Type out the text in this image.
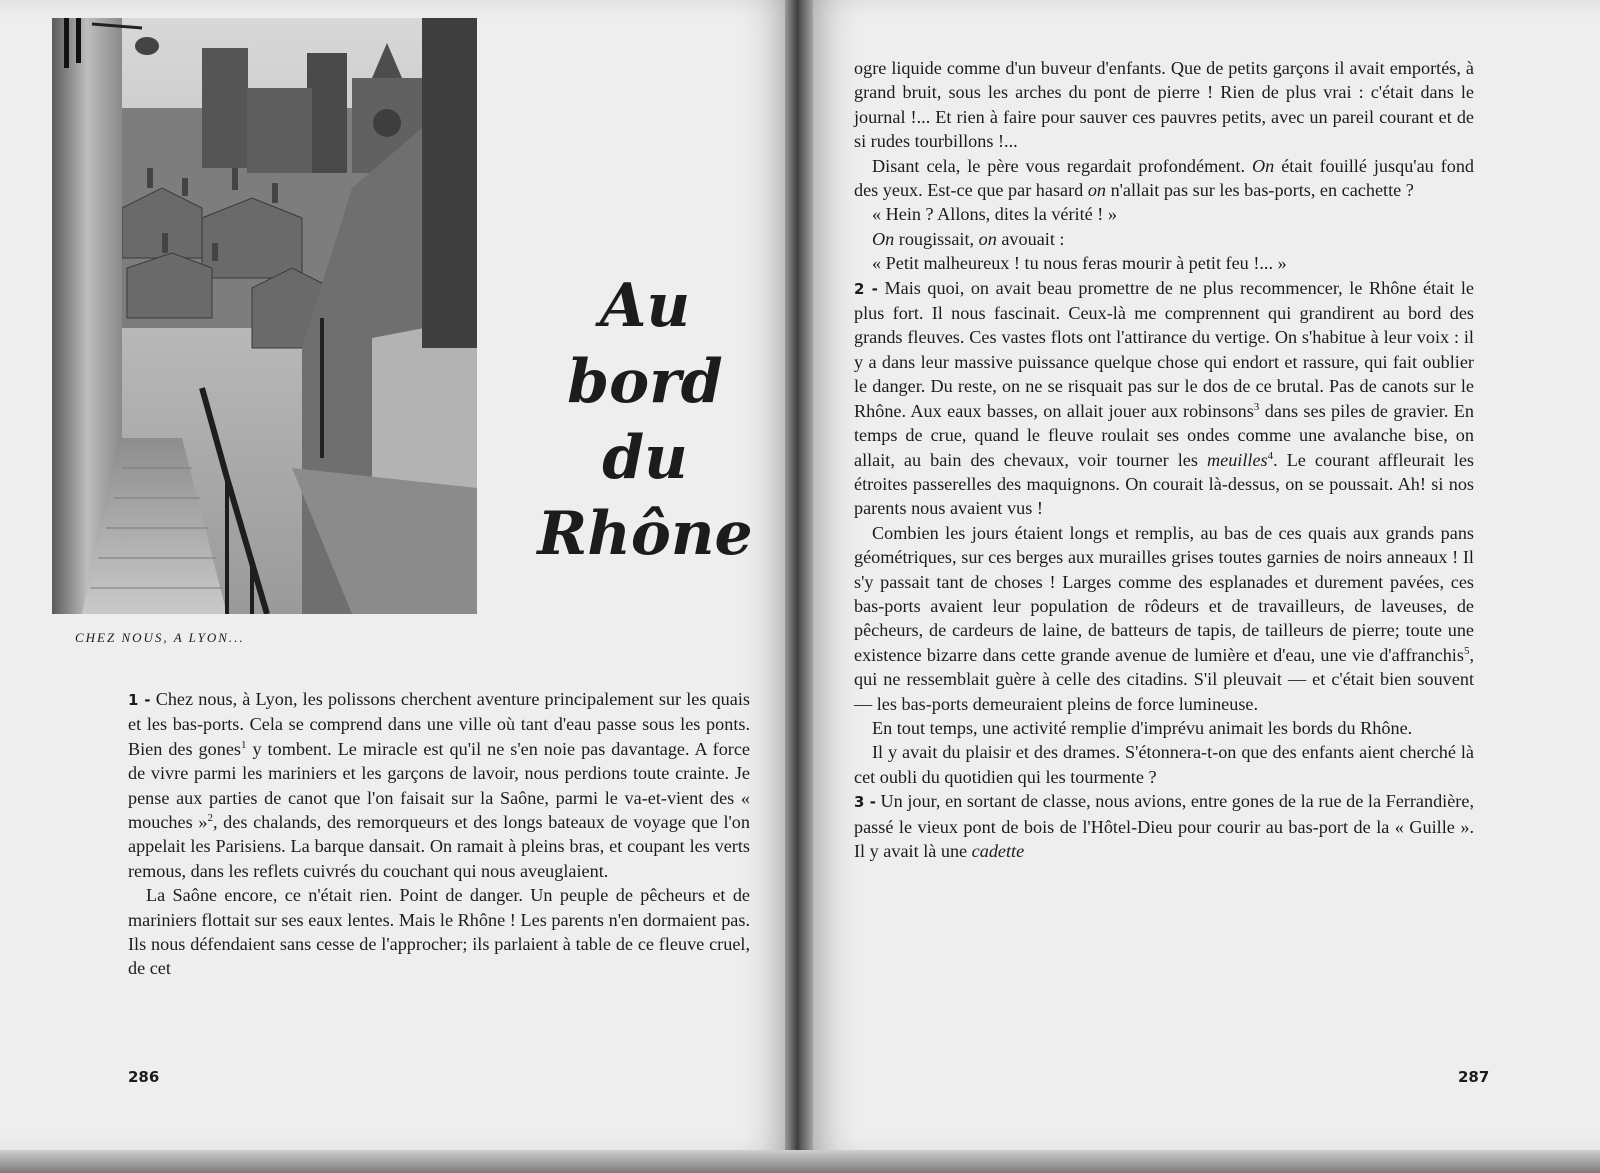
CHEZ NOUS, A LYON...
Au bord
du Rhône

1 - Chez nous, à Lyon, les polissons cherchent aventure principalement sur les quais et les bas-ports. Cela se comprend dans une ville où tant d'eau passe sous les ponts. Bien des gones$^1$ y tombent. Le miracle est qu'il ne s'en noie pas davantage. A force de vivre parmi les mariniers et les garçons de lavoir, nous perdions toute crainte. Je pense aux parties de canot que l'on faisait sur la Saône, parmi le va-et-vient des « mouches »$^2$, des chalands, des remorqueurs et des longs bateaux de voyage que l'on appelait les Parisiens. La barque dansait. On ramait à pleins bras, et coupant les verts remous, dans les reflets cuivrés du couchant qui nous aveuglaient.

La Saône encore, ce n'était rien. Point de danger. Un peuple de pêcheurs et de mariniers flottait sur ses eaux lentes. Mais le Rhône ! Les parents n'en dormaient pas. Ils nous défendaient sans cesse de l'approcher; ils parlaient à table de ce fleuve cruel, de cet

286

ogre liquide comme d'un buveur d'enfants. Que de petits garçons il avait emportés, à grand bruit, sous les arches du pont de pierre ! Rien de plus vrai : c'était dans le journal !... Et rien à faire pour sauver ces pauvres petits, avec un pareil courant et de si rudes tourbillons !...

Disant cela, le père vous regardait profondément. On était fouillé jusqu'au fond des yeux. Est-ce que par hasard on n'allait pas sur les bas-ports, en cachette ?

« Hein ? Allons, dites la vérité ! »

On rougissait, on avouait :

« Petit malheureux ! tu nous feras mourir à petit feu !... »

2 - Mais quoi, on avait beau promettre de ne plus recommencer, le Rhône était le plus fort. Il nous fascinait. Ceux-là me comprennent qui grandirent au bord des grands fleuves. Ces vastes flots ont l'attirance du vertige. On s'habitue à leur voix : il y a dans leur massive puissance quelque chose qui endort et rassure, qui fait oublier le danger. Du reste, on ne se risquait pas sur le dos de ce brutal. Pas de canots sur le Rhône. Aux eaux basses, on allait jouer aux robinsons$^3$ dans ses piles de gravier. En temps de crue, quand le fleuve roulait ses ondes comme une avalanche bise, on allait, au bain des chevaux, voir tourner les meuilles$^4$. Le courant affleurait les étroites passerelles des maquignons. On courait là-dessus, on se poussait. Ah! si nos parents nous avaient vus !

Combien les jours étaient longs et remplis, au bas de ces quais aux grands pans géométriques, sur ces berges aux murailles grises toutes garnies de noirs anneaux ! Il s'y passait tant de choses ! Larges comme des esplanades et durement pavées, ces bas-ports avaient leur population de rôdeurs et de travailleurs, de laveuses, de pêcheurs, de cardeurs de laine, de batteurs de tapis, de tailleurs de pierre; toute une existence bizarre dans cette grande avenue de lumière et d'eau, une vie d'affranchis$^5$, qui ne ressemblait guère à celle des citadins. S'il pleuvait — et c'était bien souvent — les bas-ports demeuraient pleins de force lumineuse.

En tout temps, une activité remplie d'imprévu animait les bords du Rhône.

Il y avait du plaisir et des drames. S'étonnera-t-on que des enfants aient cherché là cet oubli du quotidien qui les tourmente ?

3 - Un jour, en sortant de classe, nous avions, entre gones de la rue de la Ferrandière, passé le vieux pont de bois de l'Hôtel-Dieu pour courir au bas-port de la « Guille ». Il y avait là une cadette

287
